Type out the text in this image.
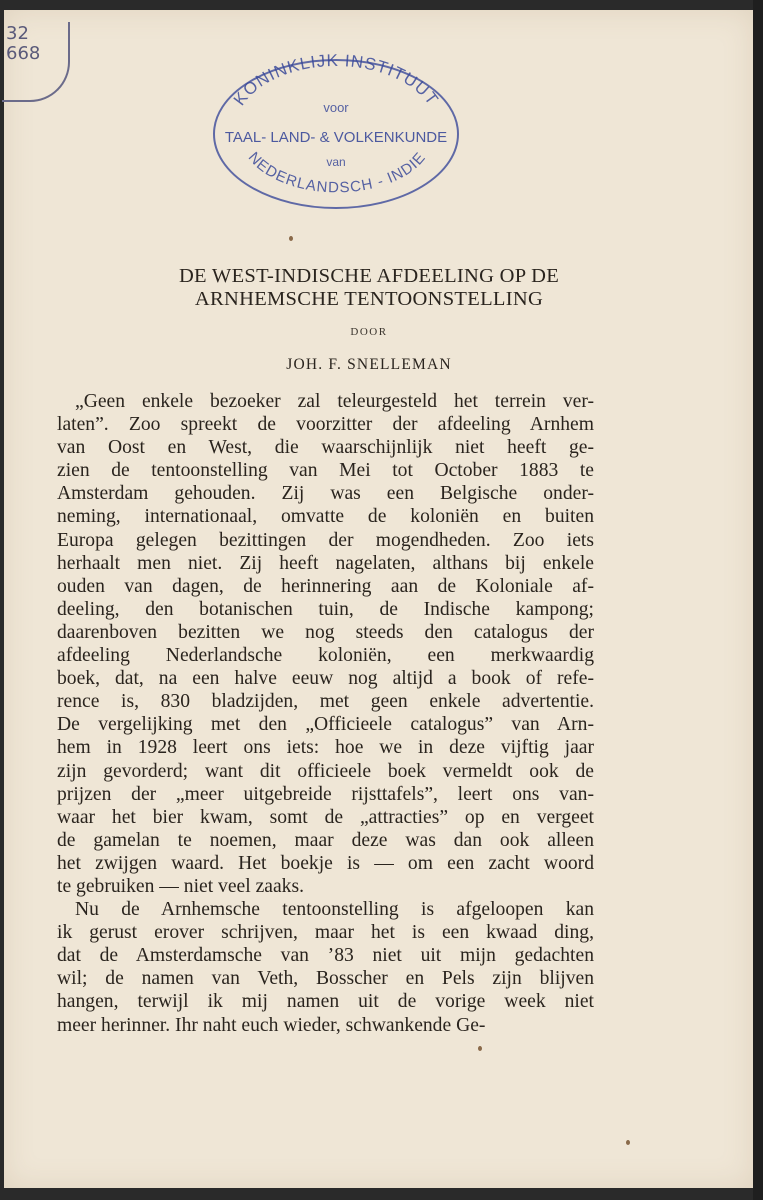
32
668
KONINKLIJK INSTITUUT
voor
TAAL- LAND- & VOLKENKUNDE
van
NEDERLANDSCH - INDIE
DE WEST-INDISCHE AFDEELING OP DE
ARNHEMSCHE TENTOONSTELLING
DOOR
JOH. F. SNELLEMAN
„Geen enkele bezoeker zal teleurgesteld het terrein ver-
laten”. Zoo spreekt de voorzitter der afdeeling Arnhem
van Oost en West, die waarschijnlijk niet heeft ge-
zien de tentoonstelling van Mei tot October 1883 te
Amsterdam gehouden. Zij was een Belgische onder-
neming, internationaal, omvatte de koloniën en buiten
Europa gelegen bezittingen der mogendheden. Zoo iets
herhaalt men niet. Zij heeft nagelaten, althans bij enkele
ouden van dagen, de herinnering aan de Koloniale af-
deeling, den botanischen tuin, de Indische kampong;
daarenboven bezitten we nog steeds den catalogus der
afdeeling Nederlandsche koloniën, een merkwaardig
boek, dat, na een halve eeuw nog altijd a book of refe-
rence is, 830 bladzijden, met geen enkele advertentie.
De vergelijking met den „Officieele catalogus” van Arn-
hem in 1928 leert ons iets: hoe we in deze vijftig jaar
zijn gevorderd; want dit officieele boek vermeldt ook de
prijzen der „meer uitgebreide rijsttafels”, leert ons van-
waar het bier kwam, somt de „attracties” op en vergeet
de gamelan te noemen, maar deze was dan ook alleen
het zwijgen waard. Het boekje is — om een zacht woord
te gebruiken — niet veel zaaks.
Nu de Arnhemsche tentoonstelling is afgeloopen kan
ik gerust erover schrijven, maar het is een kwaad ding,
dat de Amsterdamsche van ’83 niet uit mijn gedachten
wil; de namen van Veth, Bosscher en Pels zijn blijven
hangen, terwijl ik mij namen uit de vorige week niet
meer herinner. Ihr naht euch wieder, schwankende Ge-
